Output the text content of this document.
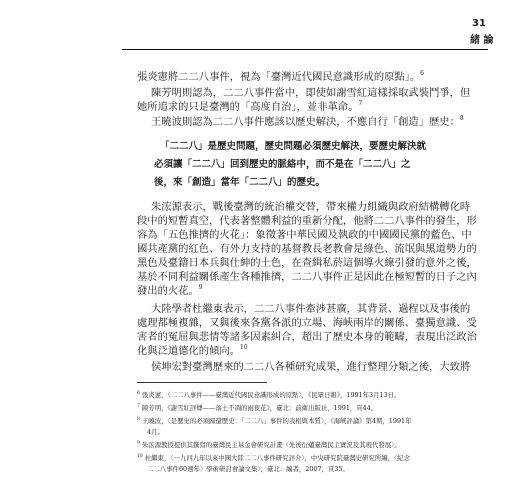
31
緒 論
張炎憲將二二八事件，視為「臺灣近代國民意識形成的原點」。$^6$
陳芳明則認為，二二八事件當中，即使如謝雪紅這樣採取武裝鬥爭，但
她所追求的只是臺灣的「高度自治」，並非革命。$^7$
王曉波則認為二二八事件應該以歷史解決，不應自行「創造」歷史：$^8$
「二二八」是歷史問題，歷史問題必須歷史解決，要歷史解決就
必須讓「二二八」回到歷史的脈絡中，而不是在「二二八」之
後，來「創造」當年「二二八」的歷史。
朱浤源表示，戰後臺灣的統治權交替，帶來權力組織與政府結構轉化時
段中的短暫真空，代表著整體利益的重新分配，他將二二八事件的發生，形
容為「五色推擠的火花」：象徵著中華民國及執政的中國國民黨的藍色、中
國共產黨的紅色、有外力支持的基督教長老教會是綠色、流氓與黑道勢力的
黑色及臺籍日本兵與仕紳的土色，在查緝私菸這個導火線引發的意外之後，
基於不同利益關係產生各種推擠，二二八事件正是因此在極短暫的日子之內
發出的火花。$^9$
大陸學者杜繼東表示，二二八事件牽涉甚廣，其背景、過程以及事後的
處理都極複雜，又與後來各黨各派的立場、海峽兩岸的關係、臺獨意識、受
害者的冤屈與悲情等諸多因素糾合，超出了歷史本身的範疇，表現出泛政治
化與泛道德化的傾向。$^{10}$
侯坤宏對臺灣歷來的二二八各種研究成果，進行整理分類之後，大致將
$^6$ 張炎憲，〈二二八事件——臺灣近代國民意識形成的原點〉，《民眾日報》，1991年3月13日。
$^7$ 陳芳明，《謝雪紅評傳——落土不凋的雨夜花》，臺北：前衛出版社，1991，頁44。
$^8$ 王曉波，〈是歷史的必須歸還歷史：「二二八」事件的表相與本質〉，《海峽評論》第4期，1991年
4月。
$^9$ 朱浤源教授提供其撰寫的臺灣民主基金會研究計畫〈先後衍蘊臺灣民主實況及其現代發展〉。
$^{10}$ 杜繼東，〈一九四九年以來中國大陸二二八事件研究評介〉，中央研究院臺灣史研究所編，〈紀念
二二八事件60週年〉學術研討會論文集〉，臺北：編者，2007，頁35。
